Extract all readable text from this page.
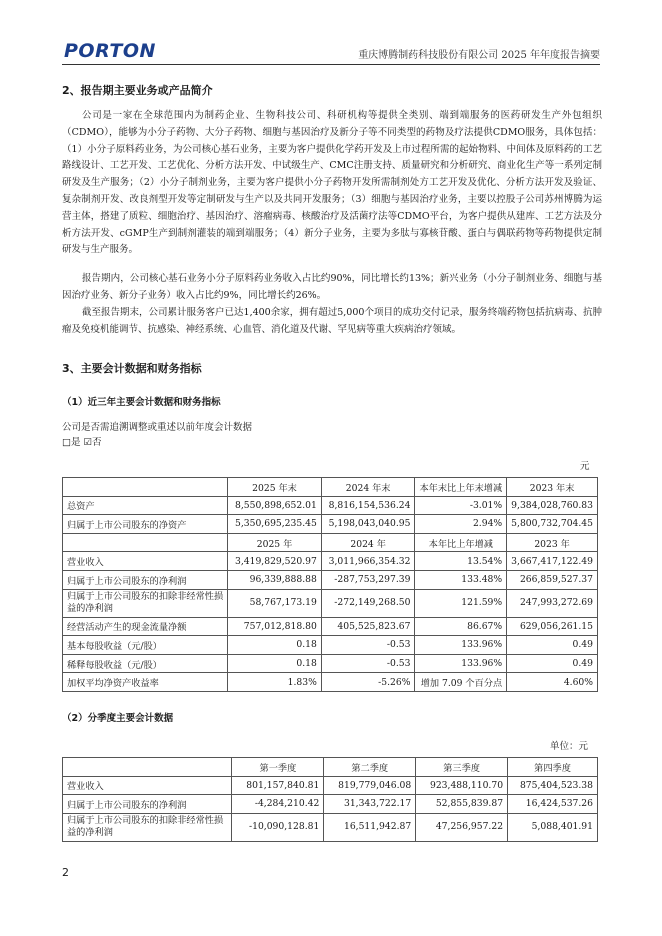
PORTON	重庆博腾制药科技股份有限公司 2025 年年度报告摘要
2、报告期主要业务或产品简介
公司是一家在全球范围内为制药企业、生物科技公司、科研机构等提供全类别、端到端服务的医药研发生产外包组织（CDMO），能够为小分子药物、大分子药物、细胞与基因治疗及新分子等不同类型的药物及疗法提供CDMO服务，具体包括：（1）小分子原料药业务，为公司核心基石业务，主要为客户提供化学药开发及上市过程所需的起始物料、中间体及原料药的工艺路线设计、工艺开发、工艺优化、分析方法开发、中试级生产、CMC注册支持、质量研究和分析研究、商业化生产等一系列定制研发及生产服务；（2）小分子制剂业务，主要为客户提供小分子药物开发所需制剂处方工艺开发及优化、分析方法开发及验证、复杂制剂开发、改良剂型开发等定制研发与生产以及共同开发服务；（3）细胞与基因治疗业务，主要以控股子公司苏州博腾为运营主体，搭建了质粒、细胞治疗、基因治疗、溶瘤病毒、核酸治疗及活菌疗法等CDMO平台，为客户提供从建库、工艺方法及分析方法开发、cGMP生产到制剂灌装的端到端服务；（4）新分子业务，主要为多肽与寡核苷酸、蛋白与偶联药物等药物提供定制研发与生产服务。
报告期内，公司核心基石业务小分子原料药业务收入占比约90%，同比增长约13%；新兴业务（小分子制剂业务、细胞与基因治疗业务、新分子业务）收入占比约9%，同比增长约26%。
截至报告期末，公司累计服务客户已达1,400余家，拥有超过5,000个项目的成功交付记录，服务终端药物包括抗病毒、抗肿瘤及免疫机能调节、抗感染、神经系统、心血管、消化道及代谢、罕见病等重大疾病治疗领域。
3、主要会计数据和财务指标
（1）近三年主要会计数据和财务指标
公司是否需追溯调整或重述以前年度会计数据
□是 ☑否
元
	2025 年末	2024 年末	本年末比上年末增减	2023 年末
总资产	8,550,898,652.01	8,816,154,536.24	-3.01%	9,384,028,760.83
归属于上市公司股东的净资产	5,350,695,235.45	5,198,043,040.95	2.94%	5,800,732,704.45
	2025 年	2024 年	本年比上年增减	2023 年
营业收入	3,419,829,520.97	3,011,966,354.32	13.54%	3,667,417,122.49
归属于上市公司股东的净利润	96,339,888.88	-287,753,297.39	133.48%	266,859,527.37
归属于上市公司股东的扣除非经常性损益的净利润	58,767,173.19	-272,149,268.50	121.59%	247,993,272.69
经营活动产生的现金流量净额	757,012,818.80	405,525,823.67	86.67%	629,056,261.15
基本每股收益（元/股）	0.18	-0.53	133.96%	0.49
稀释每股收益（元/股）	0.18	-0.53	133.96%	0.49
加权平均净资产收益率	1.83%	-5.26%	增加 7.09 个百分点	4.60%
（2）分季度主要会计数据
单位：元
	第一季度	第二季度	第三季度	第四季度
营业收入	801,157,840.81	819,779,046.08	923,488,110.70	875,404,523.38
归属于上市公司股东的净利润	-4,284,210.42	31,343,722.17	52,855,839.87	16,424,537.26
归属于上市公司股东的扣除非经常性损益的净利润	-10,090,128.81	16,511,942.87	47,256,957.22	5,088,401.91
2
